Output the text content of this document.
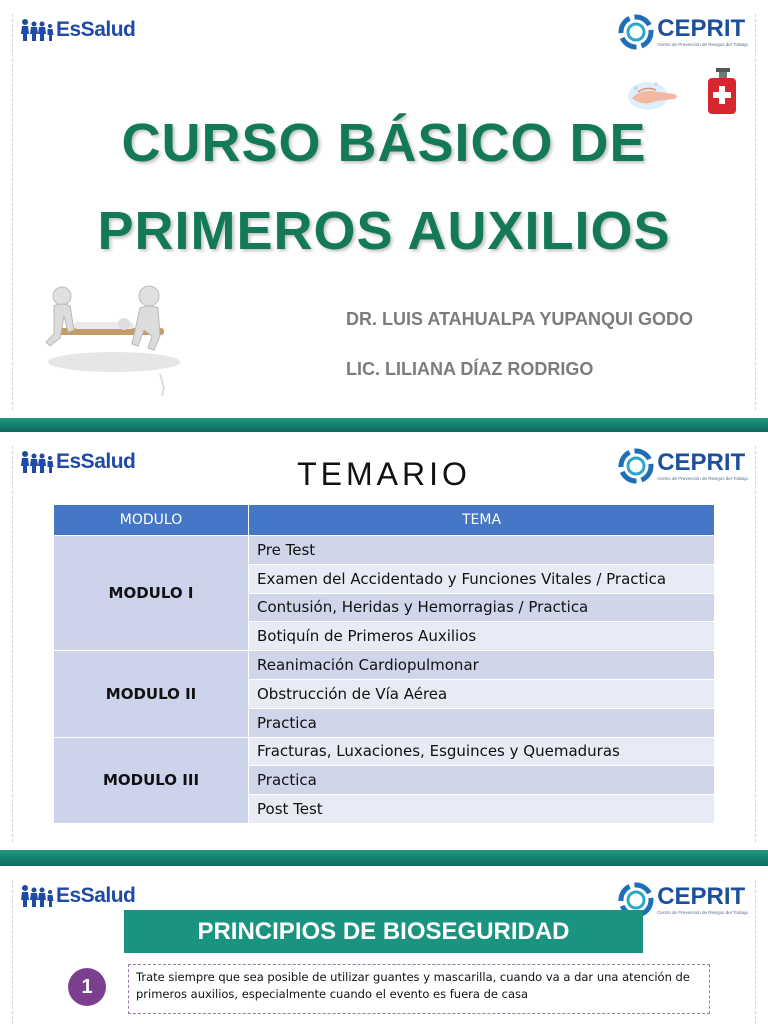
EsSalud	CEPRIT
Centro de Prevención de Riesgos del Trabajo
CURSO BÁSICO DE
PRIMEROS AUXILIOS
DR. LUIS ATAHUALPA YUPANQUI GODO
LIC. LILIANA DÍAZ RODRIGO
EsSalud	CEPRIT
Centro de Prevención de Riesgos del Trabajo
TEMARIO
MODULO	TEMA
MODULO I	Pre Test
	Examen del Accidentado y Funciones Vitales / Practica
	Contusión, Heridas y Hemorragias / Practica
	Botiquín de Primeros Auxilios
MODULO II	Reanimación Cardiopulmonar
	Obstrucción de Vía Aérea
	Practica
MODULO III	Fracturas, Luxaciones, Esguinces y Quemaduras
	Practica
	Post Test
EsSalud	CEPRIT
Centro de Prevención de Riesgos del Trabajo
PRINCIPIOS DE BIOSEGURIDAD
1	Trate siempre que sea posible de utilizar guantes y mascarilla, cuando va a dar una atención de primeros auxilios, especialmente cuando el evento es fuera de casa
